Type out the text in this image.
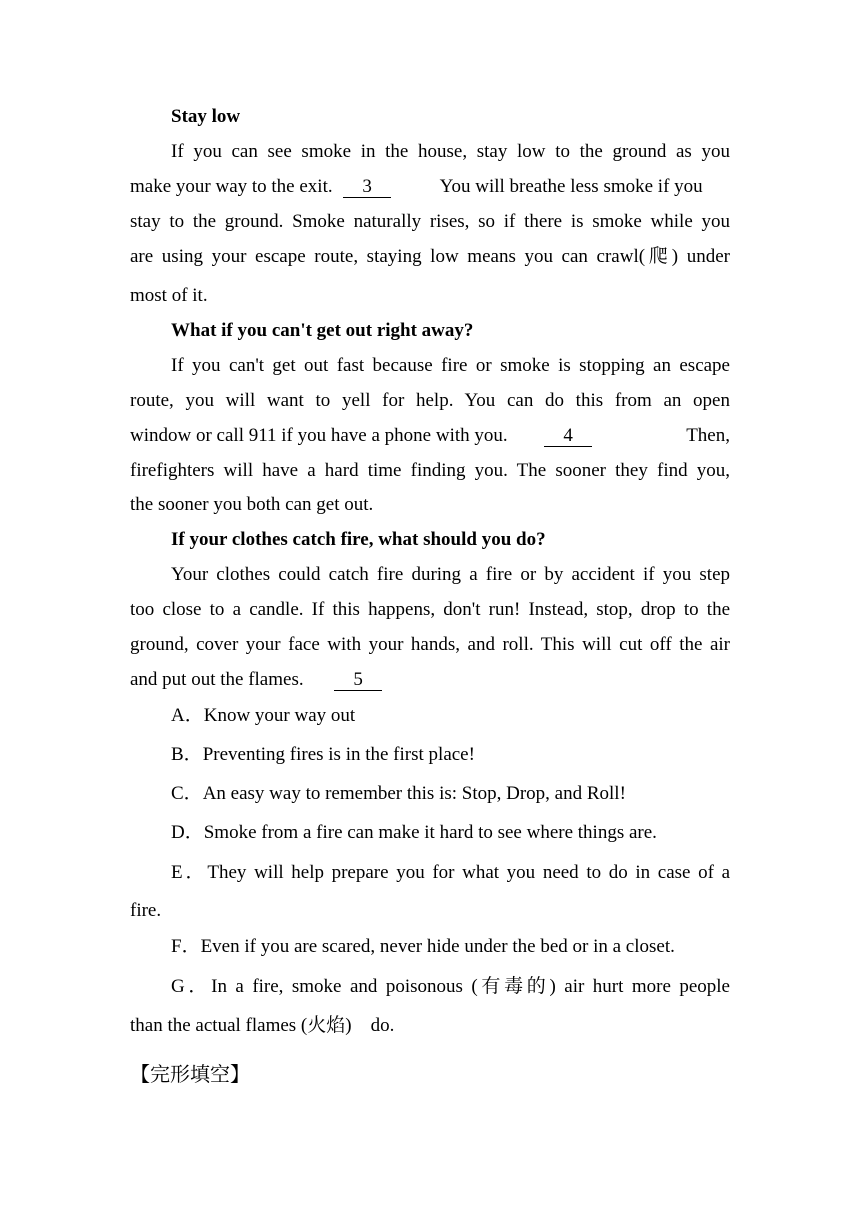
Stay low
If you can see smoke in the house, stay low to the ground as you
make your way to the exit. 3	You will breathe less smoke if you
stay to the ground. Smoke naturally rises, so if there is smoke while you
are using your escape route, staying low means you can crawl(爬) under
most of it.
What if you can't get out right away?
If you can't get out fast because fire or smoke is stopping an escape
route, you will want to yell for help. You can do this from an open
window or call 911 if you have a phone with you.	4	Then,
firefighters will have a hard time finding you. The sooner they find you,
the sooner you both can get out.
If your clothes catch fire, what should you do?
Your clothes could catch fire during a fire or by accident if you step
too close to a candle. If this happens, don't run! Instead, stop, drop to the
ground, cover your face with your hands, and roll. This will cut off the air
and put out the flames.	5
A．Know your way out
B．Preventing fires is in the first place!
C．An easy way to remember this is: Stop, Drop, and Roll!
D．Smoke from a fire can make it hard to see where things are.
E．They will help prepare you for what you need to do in case of a
fire.
F．Even if you are scared, never hide under the bed or in a closet.
G．In a fire, smoke and poisonous (有毒的) air hurt more people
than the actual flames (火焰)　do.
【完形填空】
